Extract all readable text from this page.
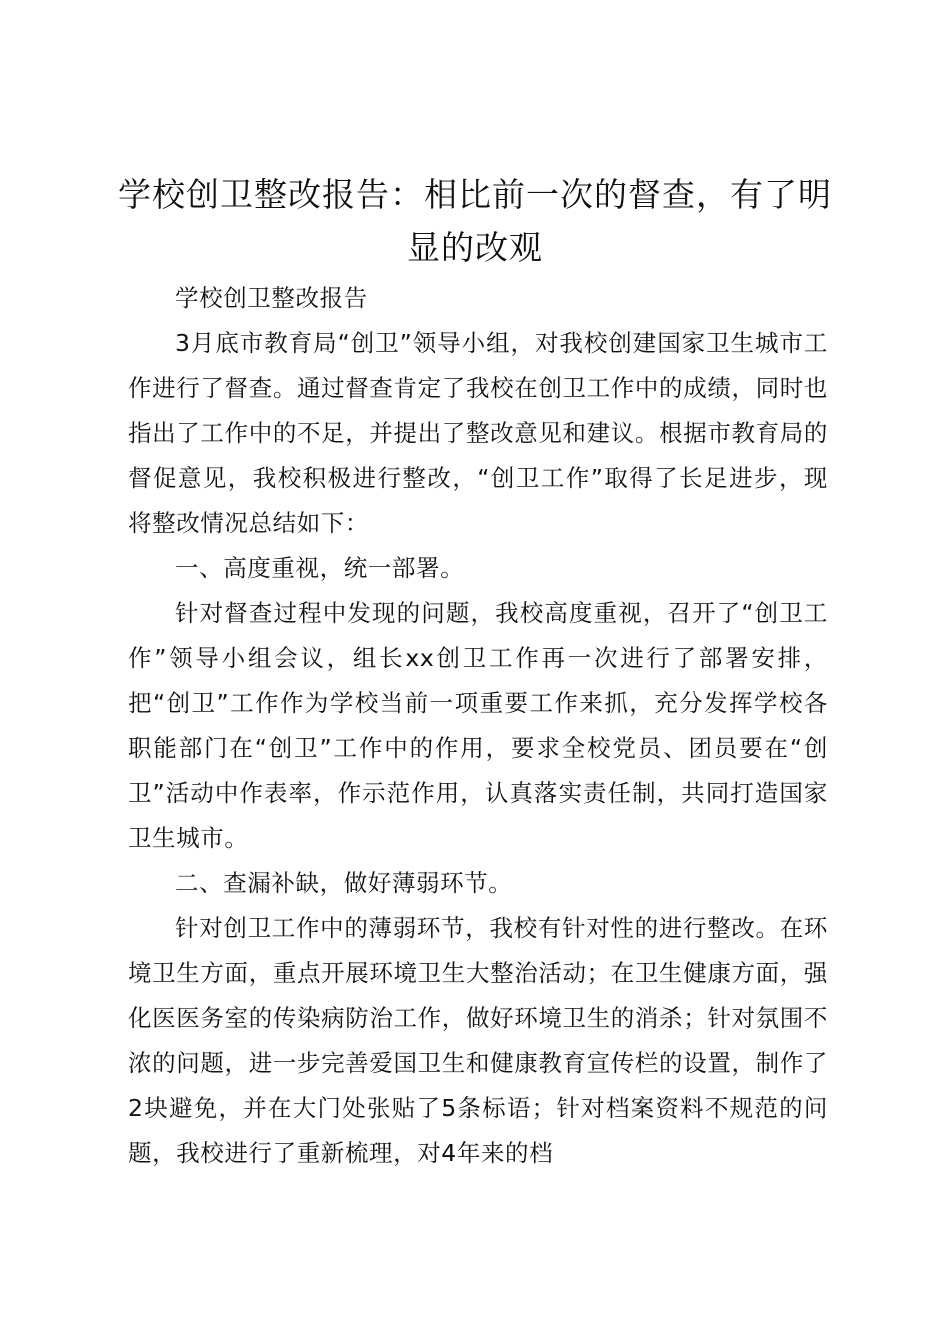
学校创卫整改报告：相比前一次的督查，有了明显的改观

学校创卫整改报告

3月底市教育局“创卫”领导小组，对我校创建国家卫生城市工作进行了督查。通过督查肯定了我校在创卫工作中的成绩，同时也指出了工作中的不足，并提出了整改意见和建议。根据市教育局的督促意见，我校积极进行整改，“创卫工作”取得了长足进步，现将整改情况总结如下：

一、高度重视，统一部署。

针对督查过程中发现的问题，我校高度重视，召开了“创卫工作”领导小组会议，组长xx创卫工作再一次进行了部署安排，把“创卫”工作作为学校当前一项重要工作来抓，充分发挥学校各职能部门在“创卫”工作中的作用，要求全校党员、团员要在“创卫”活动中作表率，作示范作用，认真落实责任制，共同打造国家卫生城市。

二、查漏补缺，做好薄弱环节。

针对创卫工作中的薄弱环节，我校有针对性的进行整改。在环境卫生方面，重点开展环境卫生大整治活动；在卫生健康方面，强化医医务室的传染病防治工作，做好环境卫生的消杀；针对氛围不浓的问题，进一步完善爱国卫生和健康教育宣传栏的设置，制作了2块避免，并在大门处张贴了5条标语；针对档案资料不规范的问题，我校进行了重新梳理，对4年来的档
